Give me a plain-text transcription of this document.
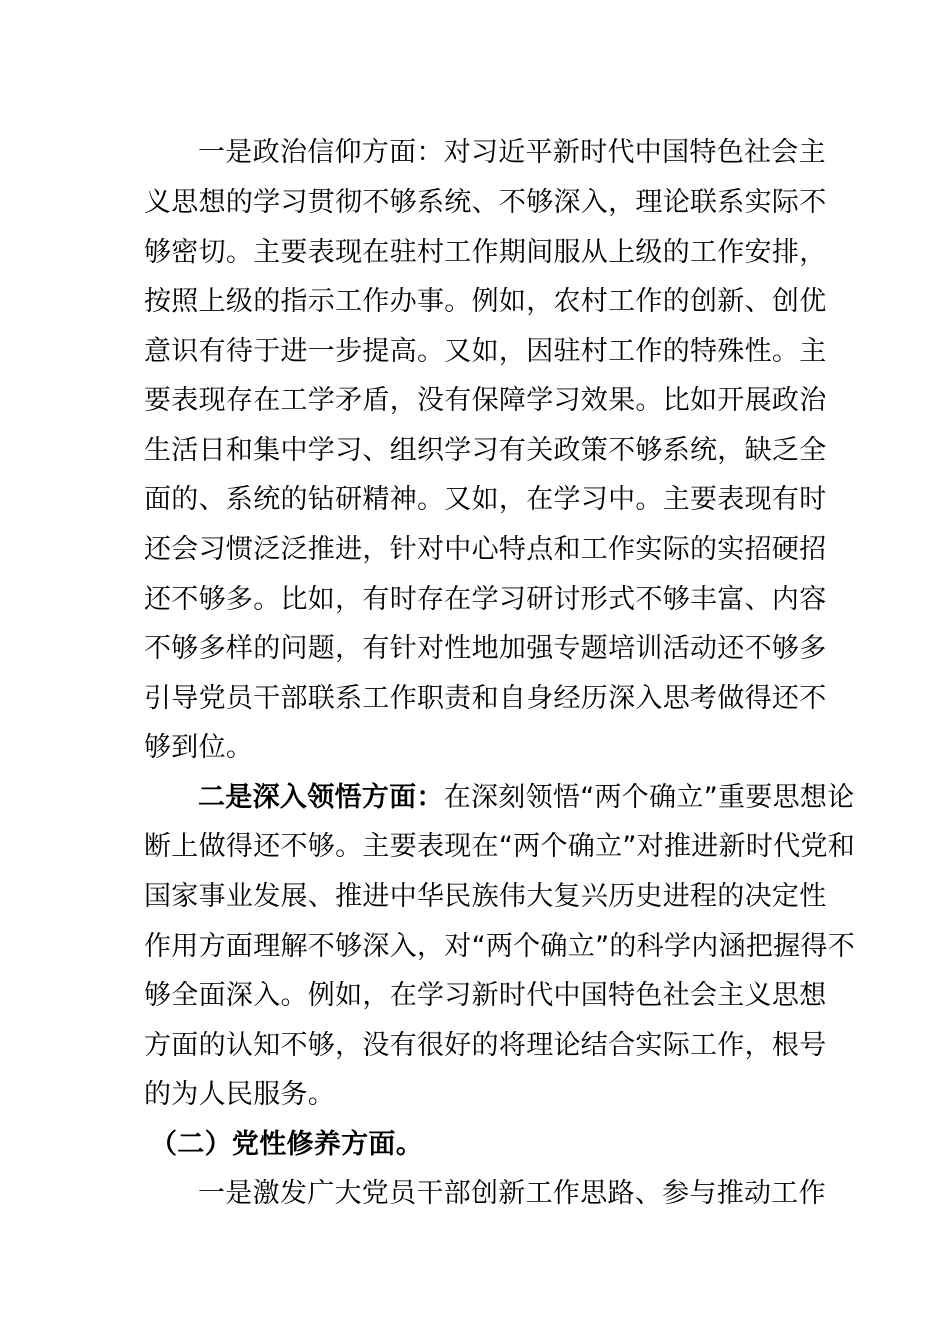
一是政治信仰方面：对习近平新时代中国特色社会主
义思想的学习贯彻不够系统、不够深入，理论联系实际不
够密切。主要表现在驻村工作期间服从上级的工作安排，
按照上级的指示工作办事。例如，农村工作的创新、创优
意识有待于进一步提高。又如，因驻村工作的特殊性。主
要表现存在工学矛盾，没有保障学习效果。比如开展政治
生活日和集中学习、组织学习有关政策不够系统，缺乏全
面的、系统的钻研精神。又如，在学习中。主要表现有时
还会习惯泛泛推进，针对中心特点和工作实际的实招硬招
还不够多。比如，有时存在学习研讨形式不够丰富、内容
不够多样的问题，有针对性地加强专题培训活动还不够多
引导党员干部联系工作职责和自身经历深入思考做得还不
够到位。
二是深入领悟方面：在深刻领悟“两个确立”重要思想论
断上做得还不够。主要表现在“两个确立”对推进新时代党和
国家事业发展、推进中华民族伟大复兴历史进程的决定性
作用方面理解不够深入，对“两个确立”的科学内涵把握得不
够全面深入。例如，在学习新时代中国特色社会主义思想
方面的认知不够，没有很好的将理论结合实际工作，根号
的为人民服务。
（二）党性修养方面。
一是激发广大党员干部创新工作思路、参与推动工作
